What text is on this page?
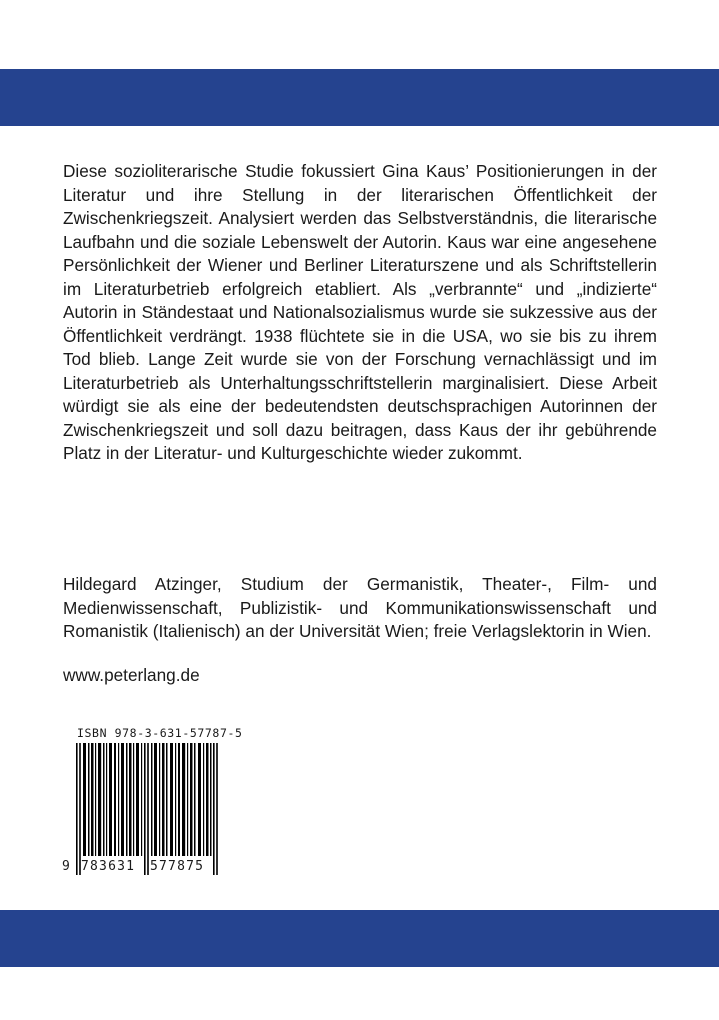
Diese sozioliterarische Studie fokussiert Gina Kaus’ Positionierungen in der Literatur und ihre Stellung in der literarischen Öffentlichkeit der Zwischenkriegszeit. Analysiert werden das Selbstverständnis, die literarische Laufbahn und die soziale Lebenswelt der Autorin. Kaus war eine angesehene Persönlichkeit der Wiener und Berliner Literaturszene und als Schriftstellerin im Literaturbetrieb erfolgreich etabliert. Als „verbrannte“ und „indizierte“ Autorin in Ständestaat und Nationalsozialismus wurde sie sukzessive aus der Öffentlichkeit verdrängt. 1938 flüchtete sie in die USA, wo sie bis zu ihrem Tod blieb. Lange Zeit wurde sie von der Forschung vernachlässigt und im Literaturbetrieb als Unterhaltungsschriftstellerin marginalisiert. Diese Arbeit würdigt sie als eine der bedeutendsten deutschsprachigen Autorinnen der Zwischenkriegszeit und soll dazu beitragen, dass Kaus der ihr gebührende Platz in der Literatur- und Kulturgeschichte wieder zukommt.
Hildegard Atzinger, Studium der Germanistik, Theater-, Film- und Medienwissenschaft, Publizistik- und Kommunikationswissenschaft und Romanistik (Italienisch) an der Universität Wien; freie Verlagslektorin in Wien.
www.peterlang.de
ISBN 978-3-631-57787-5
9 783631 577875
